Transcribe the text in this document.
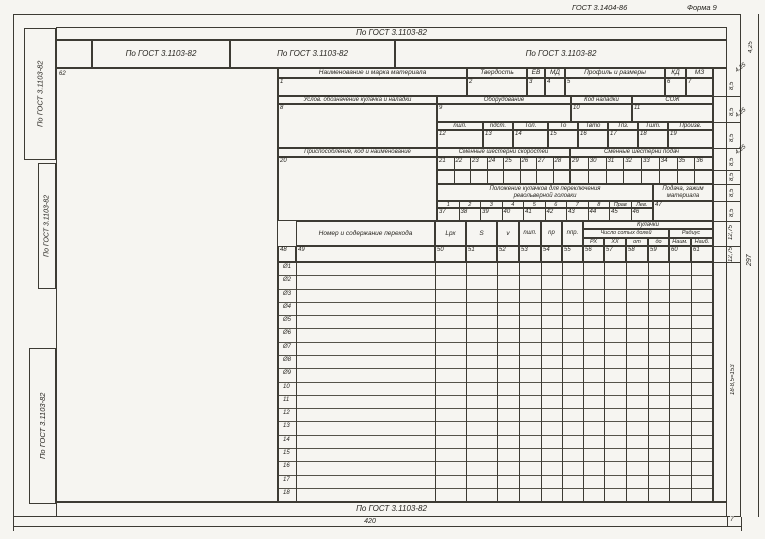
ГОСТ 3.1404-86	Форма 9
По ГОСТ 3.1103-82
По ГОСТ 3.1103-82	По ГОСТ 3.1103-82	По ГОСТ 3.1103-82
По ГОСТ 3.1103-82
По ГОСТ 3.1103-82
По ГОСТ 3.1103-82
62	Наименование и марка материала	Твердость	ЕВ	МД	Профиль и размеры	КД	МЗ
1	2	3 4	5	6	7
Услов. обозначение кулачка и наладки	Оборудование	Код наладки	СОЖ
8	9	10	11
nшп.	nдст.	Топ.	То	Твто	Тпз.	Тшт.	Произв.
12	13	14	15	16	17	18	19
Приспособление, код и наименование	Сменные шестерни скоростей	Сменные шестерни подач
20	21 22 23 24 25 26 27 28 29 30 31 32 33 34 35 36
Положение кулачков для переключения
револьверной головки
Подача, зажим
материала
1	2	3	4	5	6	7	8	Прав	Лев.
37 38 39 40 41 42 43 44 45 46
47
Номер и содержание перехода	Lрх	S	v	nшп.	nр	nпр.
Кулачки
Число сотых долей	Радиус
РХ	ХХ	от	до	Наим.	Наиб.
48 49	50	51	52	53	54 55 56 57	58	59 60	61
Ø1
Ø2
Ø3
Ø4
Ø5
Ø6
Ø7
Ø8
Ø9
10
11
12
13
14
15
16
17
18
По ГОСТ 3.1103-82
4,25
4,25
4,25
4,25
8,5
8,5
8,5
8,5
8,5
8,5
8,5
12,75
12,75
18·8,5=153
297
420	7
